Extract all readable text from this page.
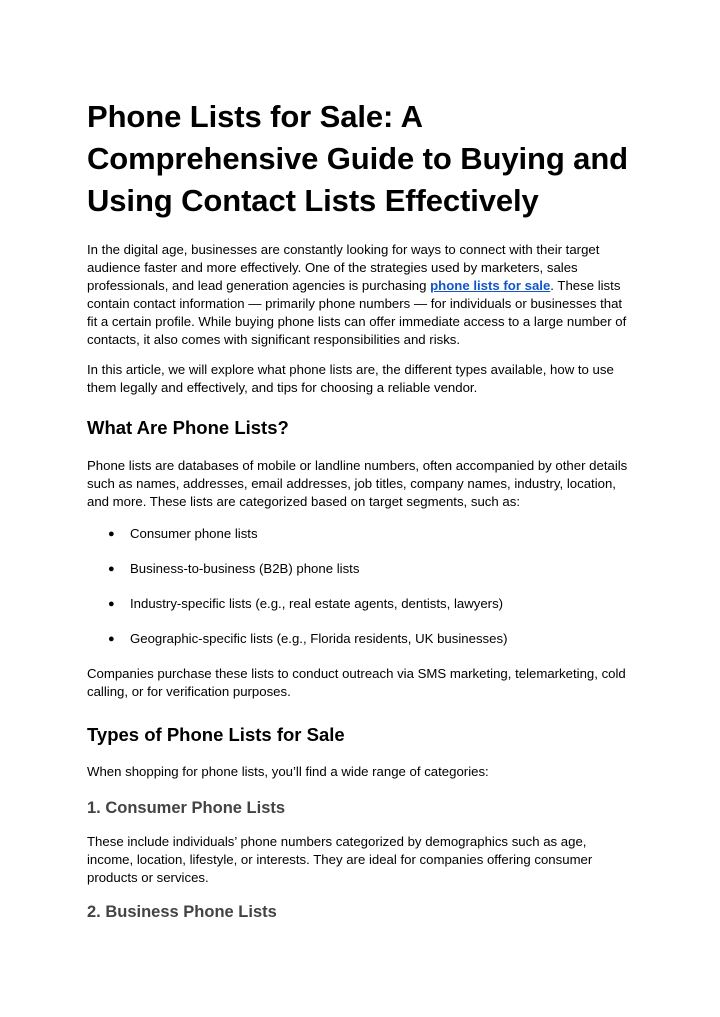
Phone Lists for Sale: A Comprehensive Guide to Buying and Using Contact Lists Effectively

In the digital age, businesses are constantly looking for ways to connect with their target audience faster and more effectively. One of the strategies used by marketers, sales professionals, and lead generation agencies is purchasing phone lists for sale. These lists contain contact information — primarily phone numbers — for individuals or businesses that fit a certain profile. While buying phone lists can offer immediate access to a large number of contacts, it also comes with significant responsibilities and risks.

In this article, we will explore what phone lists are, the different types available, how to use them legally and effectively, and tips for choosing a reliable vendor.

What Are Phone Lists?

Phone lists are databases of mobile or landline numbers, often accompanied by other details such as names, addresses, email addresses, job titles, company names, industry, location, and more. These lists are categorized based on target segments, such as:

● Consumer phone lists
● Business-to-business (B2B) phone lists
● Industry-specific lists (e.g., real estate agents, dentists, lawyers)
● Geographic-specific lists (e.g., Florida residents, UK businesses)

Companies purchase these lists to conduct outreach via SMS marketing, telemarketing, cold calling, or for verification purposes.

Types of Phone Lists for Sale

When shopping for phone lists, you’ll find a wide range of categories:

1. Consumer Phone Lists

These include individuals’ phone numbers categorized by demographics such as age, income, location, lifestyle, or interests. They are ideal for companies offering consumer products or services.

2. Business Phone Lists
